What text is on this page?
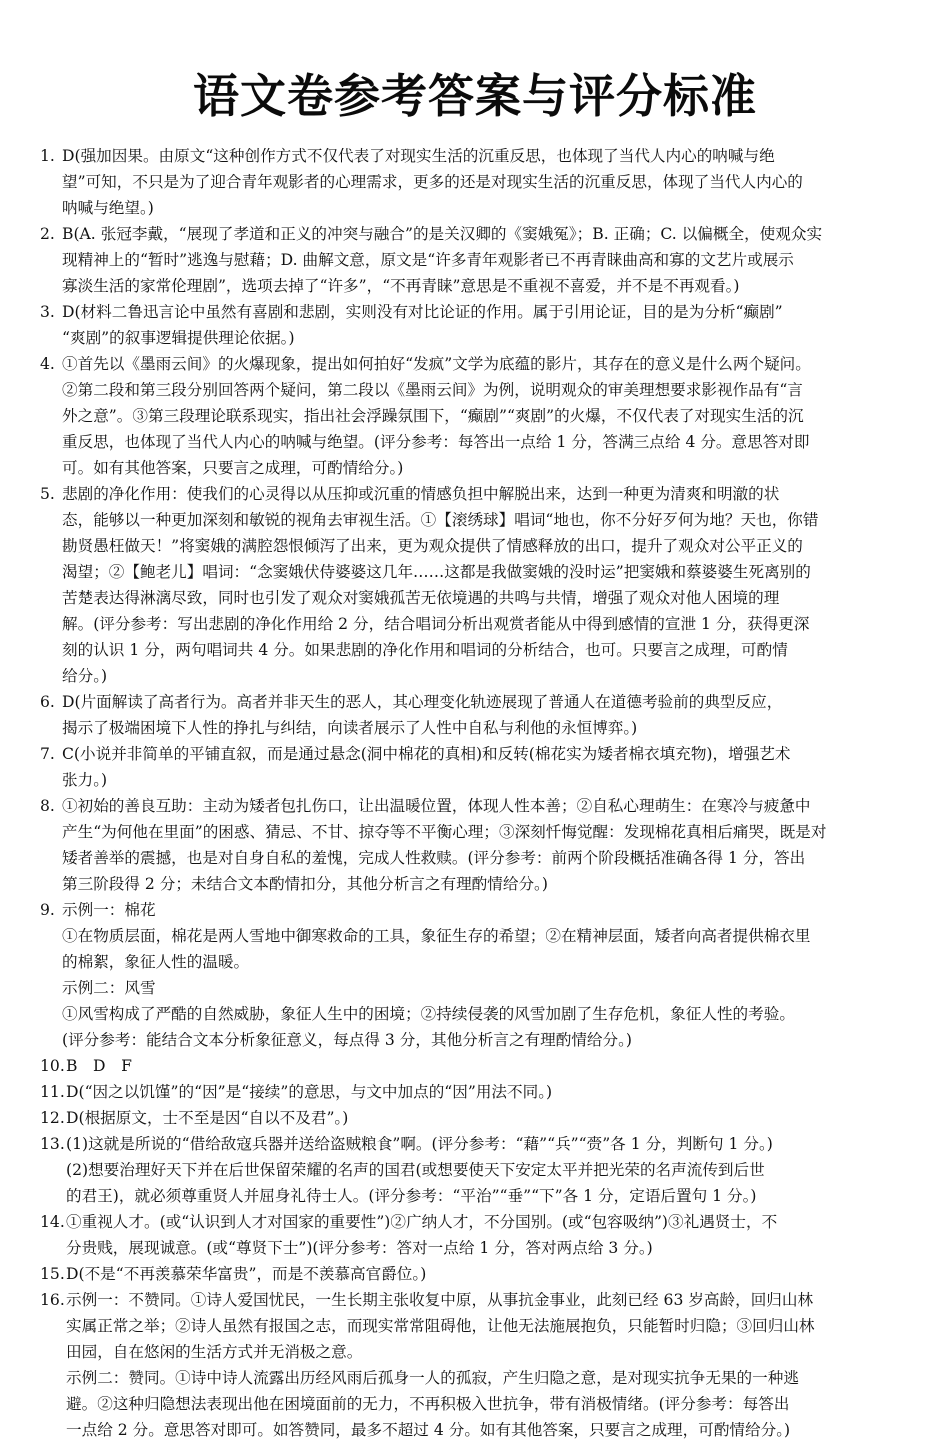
语文卷参考答案与评分标准
1. D(强加因果。由原文“这种创作方式不仅代表了对现实生活的沉重反思，也体现了当代人内心的呐喊与绝
望”可知，不只是为了迎合青年观影者的心理需求，更多的还是对现实生活的沉重反思，体现了当代人内心的
呐喊与绝望。)
2. B(A. 张冠李戴，“展现了孝道和正义的冲突与融合”的是关汉卿的《窦娥冤》；B. 正确；C. 以偏概全，使观众实
现精神上的“暂时”逃逸与慰藉；D. 曲解文意，原文是“许多青年观影者已不再青睐曲高和寡的文艺片或展示
寡淡生活的家常伦理剧”，选项去掉了“许多”，“不再青睐”意思是不重视不喜爱，并不是不再观看。)
3. D(材料二鲁迅言论中虽然有喜剧和悲剧，实则没有对比论证的作用。属于引用论证，目的是为分析“癫剧”
“爽剧”的叙事逻辑提供理论依据。)
4. ①首先以《墨雨云间》的火爆现象，提出如何拍好“发疯”文学为底蕴的影片，其存在的意义是什么两个疑问。
②第二段和第三段分别回答两个疑问，第二段以《墨雨云间》为例，说明观众的审美理想要求影视作品有“言
外之意”。③第三段理论联系现实，指出社会浮躁氛围下，“癫剧”“爽剧”的火爆，不仅代表了对现实生活的沉
重反思，也体现了当代人内心的呐喊与绝望。(评分参考：每答出一点给 1 分，答满三点给 4 分。意思答对即
可。如有其他答案，只要言之成理，可酌情给分。)
5. 悲剧的净化作用：使我们的心灵得以从压抑或沉重的情感负担中解脱出来，达到一种更为清爽和明澈的状
态，能够以一种更加深刻和敏锐的视角去审视生活。①【滚绣球】唱词“地也，你不分好歹何为地？天也，你错
勘贤愚枉做天！”将窦娥的满腔怨恨倾泻了出来，更为观众提供了情感释放的出口，提升了观众对公平正义的
渴望；②【鲍老儿】唱词：“念窦娥伏侍婆婆这几年……这都是我做窦娥的没时运”把窦娥和蔡婆婆生死离别的
苦楚表达得淋漓尽致，同时也引发了观众对窦娥孤苦无依境遇的共鸣与共情，增强了观众对他人困境的理
解。(评分参考：写出悲剧的净化作用给 2 分，结合唱词分析出观赏者能从中得到感情的宣泄 1 分，获得更深
刻的认识 1 分，两句唱词共 4 分。如果悲剧的净化作用和唱词的分析结合，也可。只要言之成理，可酌情
给分。)
6. D(片面解读了高者行为。高者并非天生的恶人，其心理变化轨迹展现了普通人在道德考验前的典型反应，
揭示了极端困境下人性的挣扎与纠结，向读者展示了人性中自私与利他的永恒博弈。)
7. C(小说并非简单的平铺直叙，而是通过悬念(洞中棉花的真相)和反转(棉花实为矮者棉衣填充物)，增强艺术
张力。)
8. ①初始的善良互助：主动为矮者包扎伤口，让出温暖位置，体现人性本善；②自私心理萌生：在寒冷与疲惫中
产生“为何他在里面”的困惑、猜忌、不甘、掠夺等不平衡心理；③深刻忏悔觉醒：发现棉花真相后痛哭，既是对
矮者善举的震撼，也是对自身自私的羞愧，完成人性救赎。(评分参考：前两个阶段概括准确各得 1 分，答出
第三阶段得 2 分；未结合文本酌情扣分，其他分析言之有理酌情给分。)
9. 示例一：棉花
①在物质层面，棉花是两人雪地中御寒救命的工具，象征生存的希望；②在精神层面，矮者向高者提供棉衣里
的棉絮，象征人性的温暖。
示例二：风雪
①风雪构成了严酷的自然威胁，象征人生中的困境；②持续侵袭的风雪加剧了生存危机，象征人性的考验。
(评分参考：能结合文本分析象征意义，每点得 3 分，其他分析言之有理酌情给分。)
10. B　D　F
11. D(“因之以饥馑”的“因”是“接续”的意思，与文中加点的“因”用法不同。)
12. D(根据原文，士不至是因“自以不及君”。)
13. (1)这就是所说的“借给敌寇兵器并送给盗贼粮食”啊。(评分参考：“藉”“兵”“赍”各 1 分，判断句 1 分。)
(2)想要治理好天下并在后世保留荣耀的名声的国君(或想要使天下安定太平并把光荣的名声流传到后世
的君王)，就必须尊重贤人并屈身礼待士人。(评分参考：“平治”“垂”“下”各 1 分，定语后置句 1 分。)
14. ①重视人才。(或“认识到人才对国家的重要性”)②广纳人才，不分国别。(或“包容吸纳”)③礼遇贤士，不
分贵贱，展现诚意。(或“尊贤下士”)(评分参考：答对一点给 1 分，答对两点给 3 分。)
15. D(不是“不再羡慕荣华富贵”，而是不羡慕高官爵位。)
16. 示例一：不赞同。①诗人爱国忧民，一生长期主张收复中原，从事抗金事业，此刻已经 63 岁高龄，回归山林
实属正常之举；②诗人虽然有报国之志，而现实常常阻碍他，让他无法施展抱负，只能暂时归隐；③回归山林
田园，自在悠闲的生活方式并无消极之意。
示例二：赞同。①诗中诗人流露出历经风雨后孤身一人的孤寂，产生归隐之意，是对现实抗争无果的一种逃
避。②这种归隐想法表现出他在困境面前的无力，不再积极入世抗争，带有消极情绪。(评分参考：每答出
一点给 2 分。意思答对即可。如答赞同，最多不超过 4 分。如有其他答案，只要言之成理，可酌情给分。)
